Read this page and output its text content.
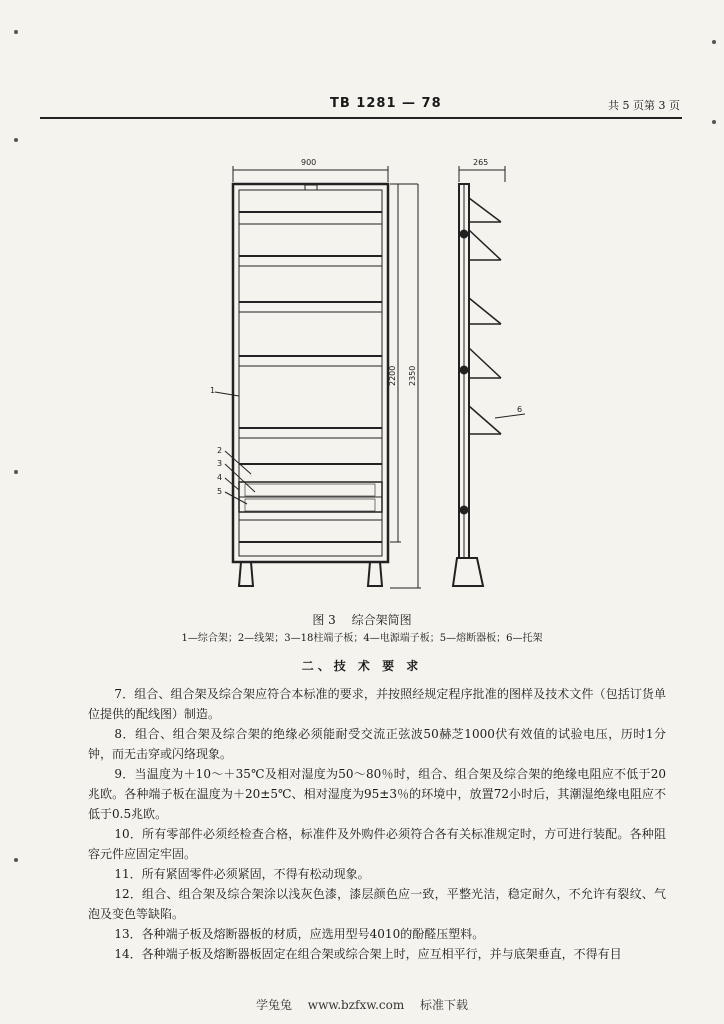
TB 1281 — 78	共 5 页第 3 页
900	265
2200 2350
1
2
3
4
5
6
图 3 综合架简图
1—综合架；2—线架；3—18柱端子板；4—电源端子板；5—熔断器板；6—托架
二、技 术 要 求

7．组合、组合架及综合架应符合本标准的要求，并按照经规定程序批准的图样及技术文件（包括订货单位提供的配线图）制造。

8．组合、组合架及综合架的绝缘必须能耐受交流正弦波50赫芝1000伏有效值的试验电压，历时1分钟，而无击穿或闪络现象。

9．当温度为＋10～＋35℃及相对湿度为50～80％时，组合、组合架及综合架的绝缘电阻应不低于20兆欧。各种端子板在温度为＋20±5℃、相对湿度为95±3％的环境中，放置72小时后，其潮湿绝缘电阻应不低于0.5兆欧。

10．所有零部件必须经检查合格，标准件及外购件必须符合各有关标准规定时，方可进行装配。各种阻容元件应固定牢固。

11．所有紧固零件必须紧固，不得有松动现象。

12．组合、组合架及综合架涂以浅灰色漆，漆层颜色应一致，平整光洁，稳定耐久，不允许有裂纹、气泡及变色等缺陷。

13．各种端子板及熔断器板的材质，应选用型号4010的酚醛压塑料。

14．各种端子板及熔断器板固定在组合架或综合架上时，应互相平行，并与底架垂直，不得有目

学兔兔 www.bzfxw.com 标准下载
